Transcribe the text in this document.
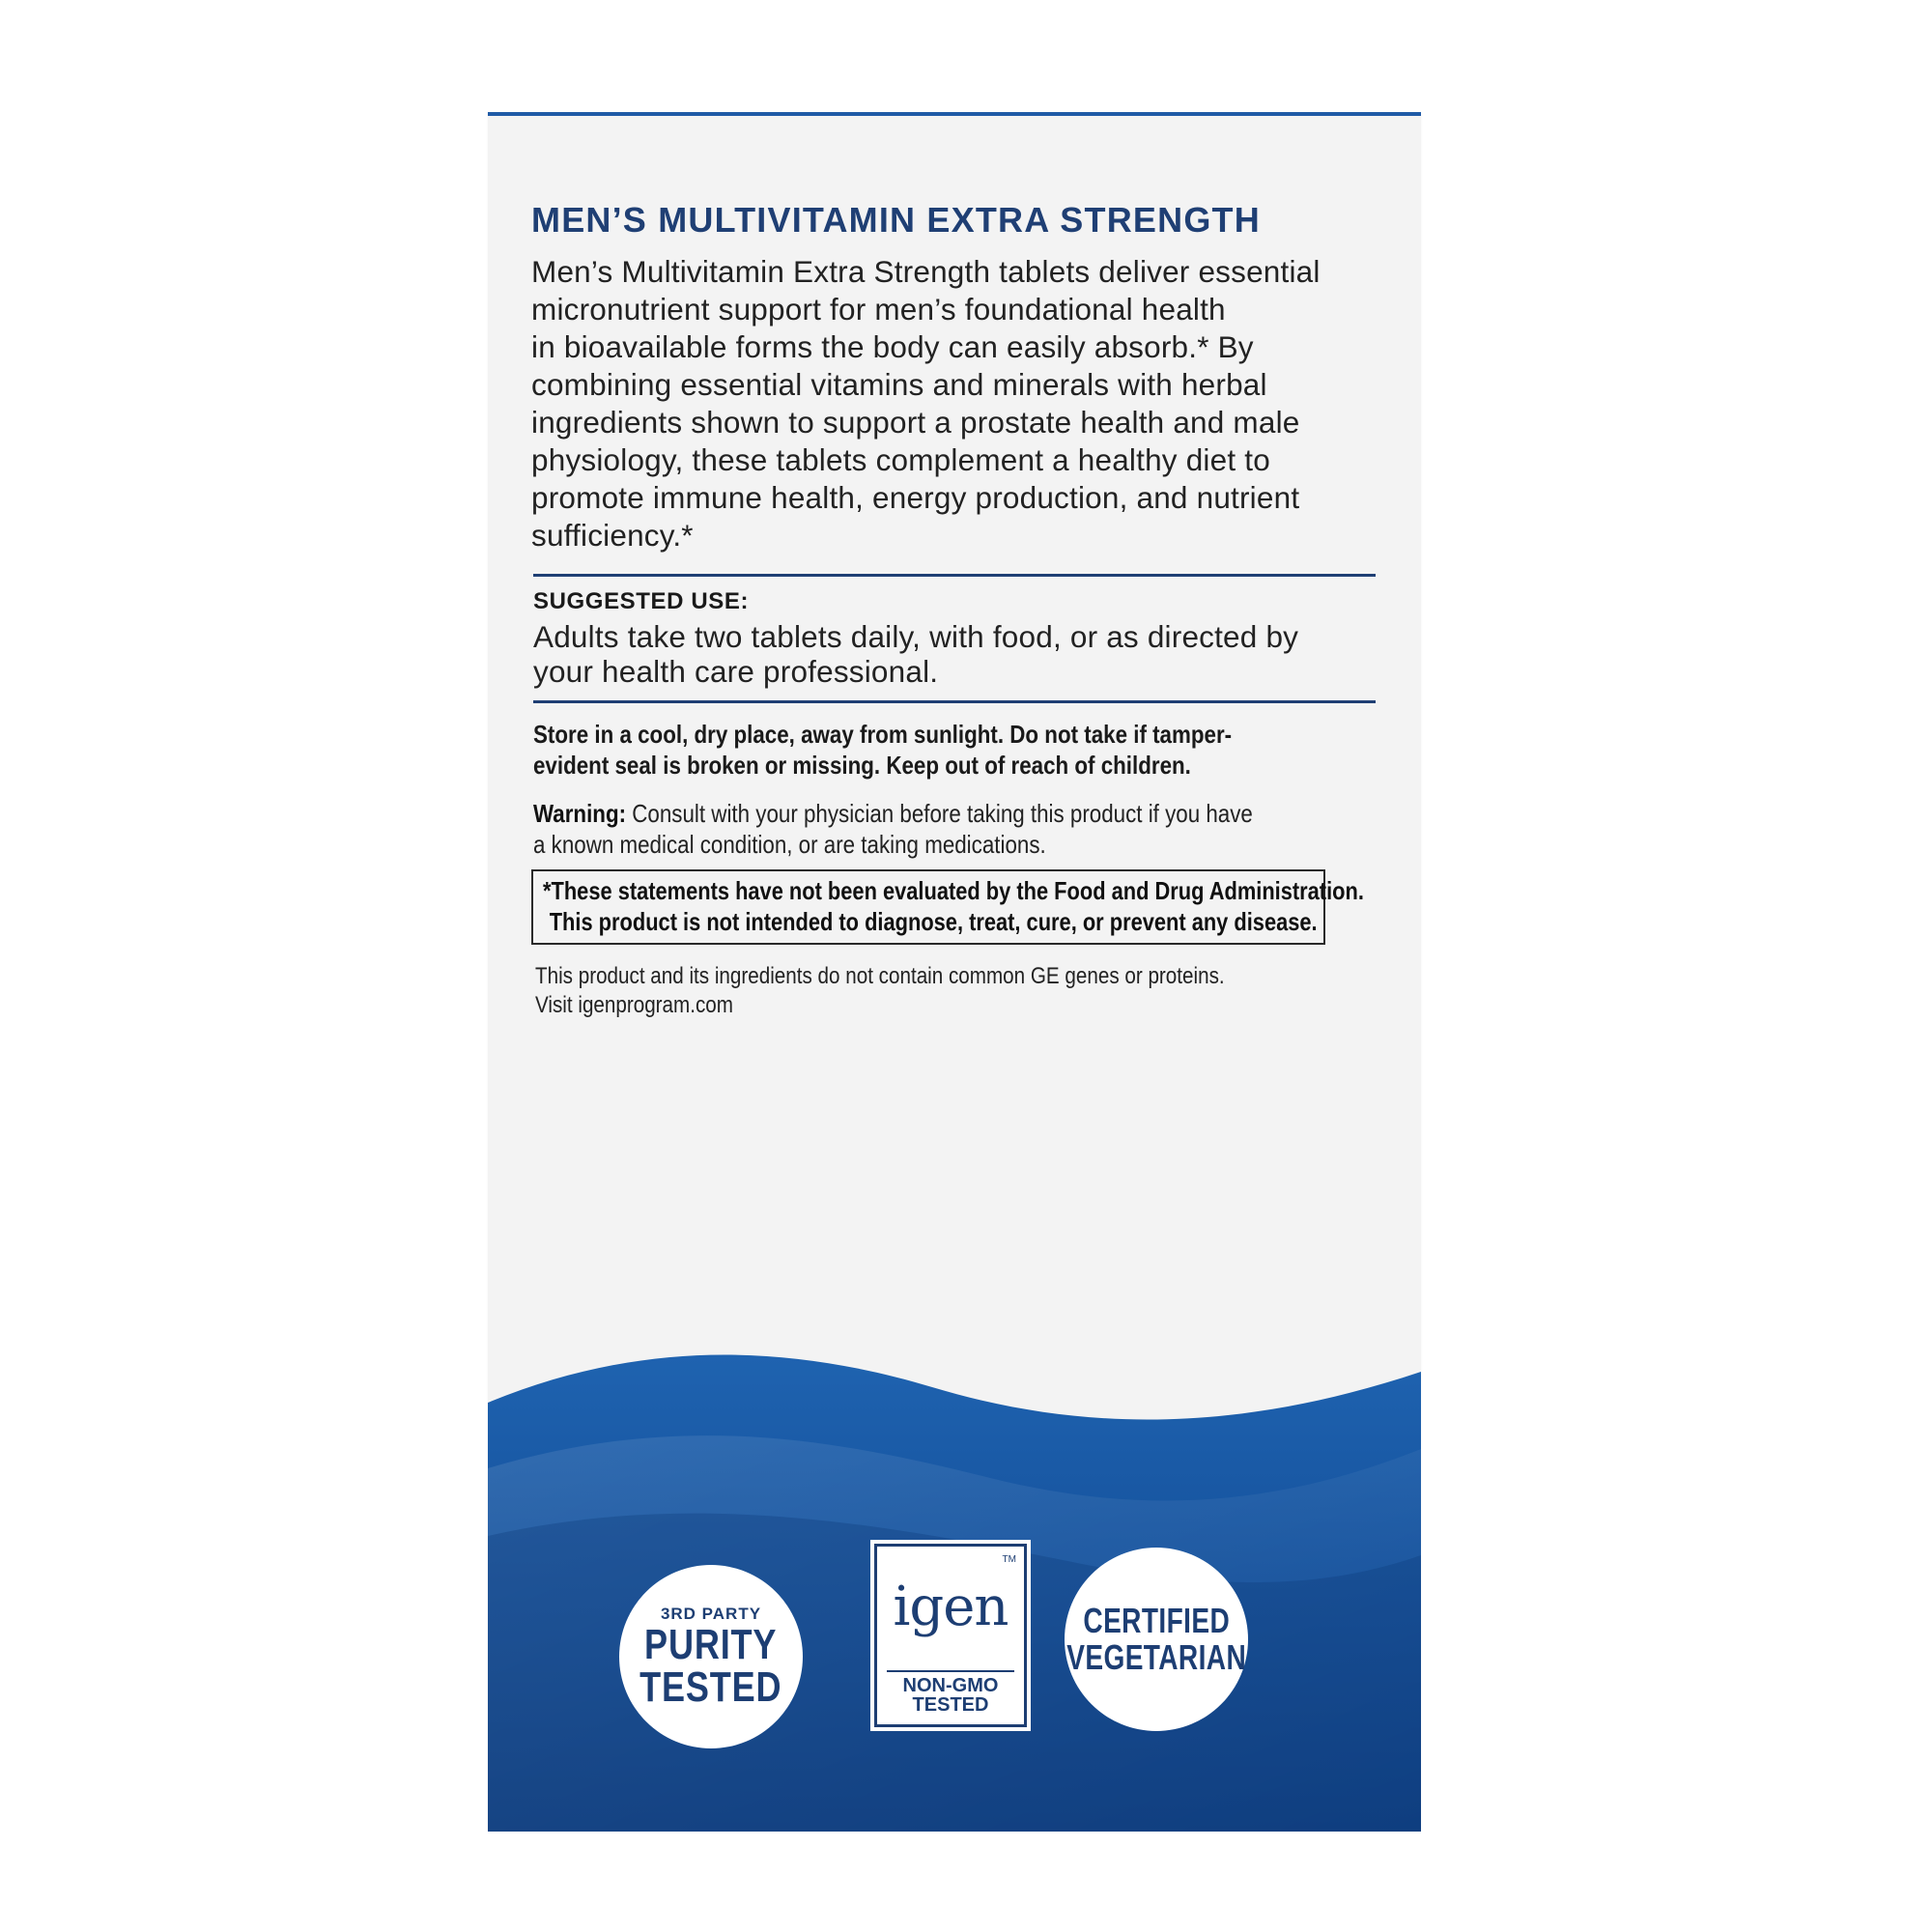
MEN’S MULTIVITAMIN EXTRA STRENGTH

Men’s Multivitamin Extra Strength tablets deliver essential
micronutrient support for men’s foundational health
in bioavailable forms the body can easily absorb.* By
combining essential vitamins and minerals with herbal
ingredients shown to support a prostate health and male
physiology, these tablets complement a healthy diet to
promote immune health, energy production, and nutrient
sufficiency.*

SUGGESTED USE:

Adults take two tablets daily, with food, or as directed by
your health care professional.

Store in a cool, dry place, away from sunlight. Do not take if tamper-
evident seal is broken or missing. Keep out of reach of children.

Warning: Consult with your physician before taking this product if you have
a known medical condition, or are taking medications.

*These statements have not been evaluated by the Food and Drug Administration.
This product is not intended to diagnose, treat, cure, or prevent any disease.

This product and its ingredients do not contain common GE genes or proteins.
Visit igenprogram.com

3RD PARTY
PURITY
TESTED
TM
igen
NON-GMO
TESTED
CERTIFIED
VEGETARIAN
